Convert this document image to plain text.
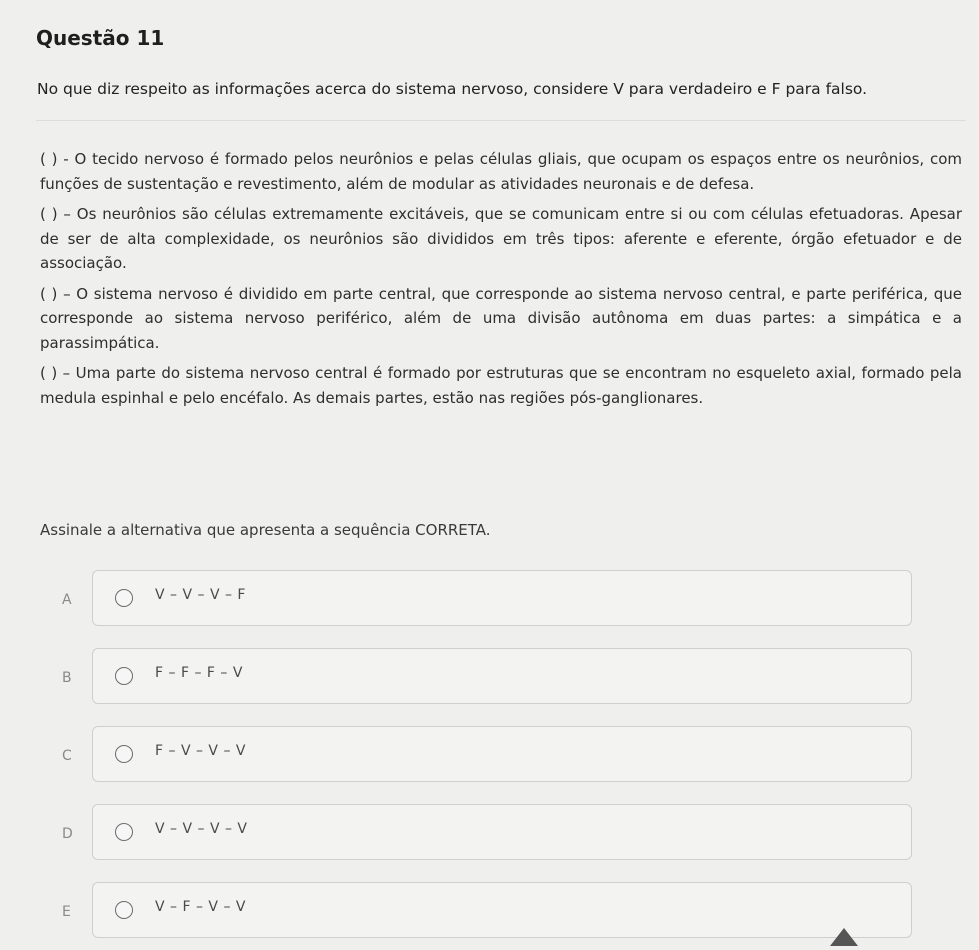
Questão 11
No que diz respeito as informações acerca do sistema nervoso, considere V para verdadeiro e F para falso.

( ) - O tecido nervoso é formado pelos neurônios e pelas células gliais, que ocupam os espaços entre os neurônios, com funções de sustentação e revestimento, além de modular as atividades neuronais e de defesa.

( ) – Os neurônios são células extremamente excitáveis, que se comunicam entre si ou com células efetuadoras. Apesar de ser de alta complexidade, os neurônios são divididos em três tipos: aferente e eferente, órgão efetuador e de associação.

( ) – O sistema nervoso é dividido em parte central, que corresponde ao sistema nervoso central, e parte periférica, que corresponde ao sistema nervoso periférico, além de uma divisão autônoma em duas partes: a simpática e a parassimpática.

( ) – Uma parte do sistema nervoso central é formado por estruturas que se encontram no esqueleto axial, formado pela medula espinhal e pelo encéfalo. As demais partes, estão nas regiões pós-ganglionares.

Assinale a alternativa que apresenta a sequência CORRETA.
A	V – V – V – F
B	F – F – F – V
C	F – V – V – V
D	V – V – V – V
E	V – F – V – V
